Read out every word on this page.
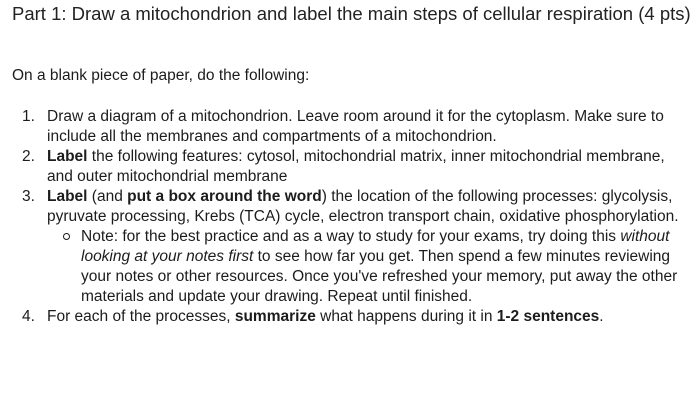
Part 1: Draw a mitochondrion and label the main steps of cellular respiration (4 pts)
On a blank piece of paper, do the following:
1. Draw a diagram of a mitochondrion. Leave room around it for the cytoplasm. Make sure to include all the membranes and compartments of a mitochondrion.
2. Label the following features: cytosol, mitochondrial matrix, inner mitochondrial membrane, and outer mitochondrial membrane
3. Label (and put a box around the word) the location of the following processes: glycolysis, pyruvate processing, Krebs (TCA) cycle, electron transport chain, oxidative phosphorylation.
Note: for the best practice and as a way to study for your exams, try doing this without looking at your notes first to see how far you get. Then spend a few minutes reviewing your notes or other resources. Once you've refreshed your memory, put away the other materials and update your drawing. Repeat until finished.
4. For each of the processes, summarize what happens during it in 1-2 sentences.
